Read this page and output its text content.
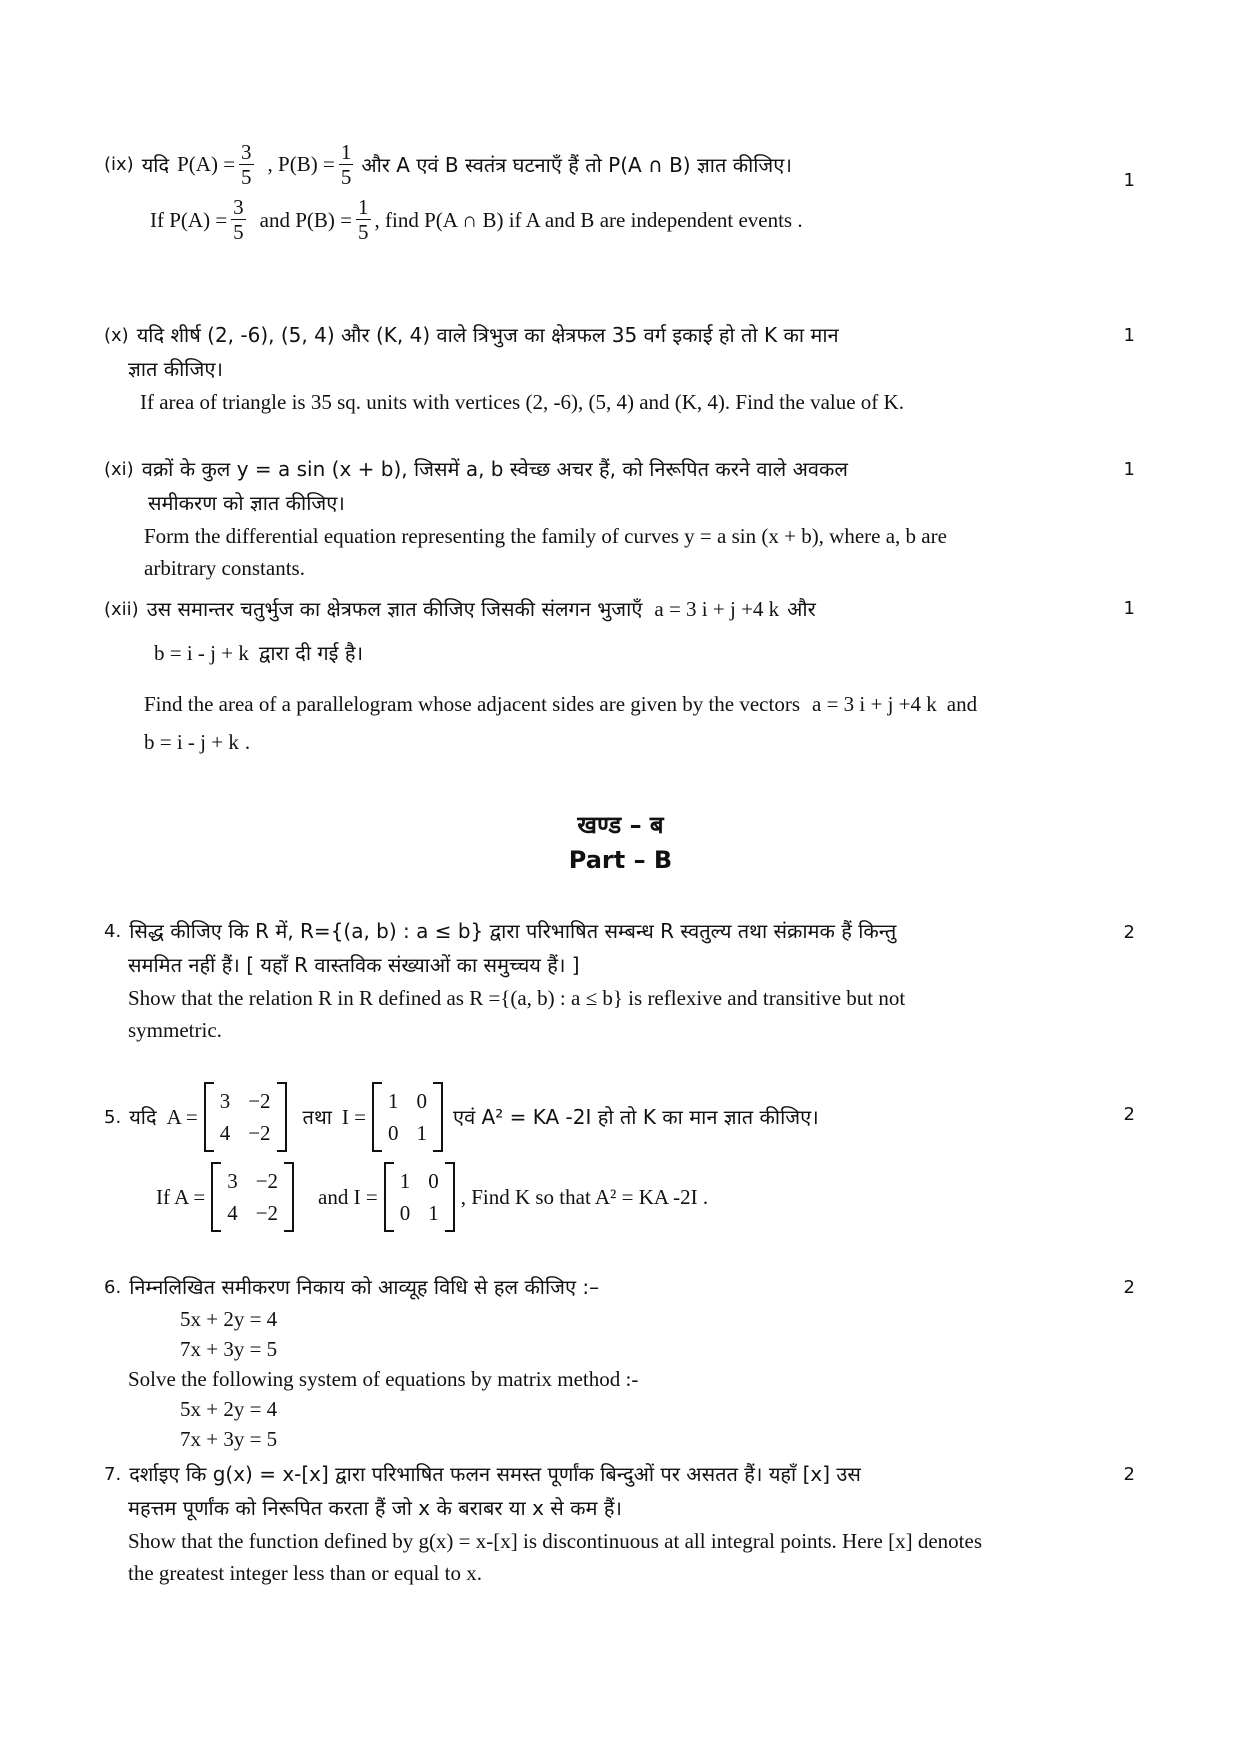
(ix) यदि $P(A) = \frac{3}{5}$ , $P(B) = \frac{1}{5}$ और A एवं B स्वतंत्र घटनाएँ हैं तो P(A ∩ B) ज्ञात कीजिए।
If $P(A) = \frac{3}{5}$ and $P(B) = \frac{1}{5}$ , find P(A ∩ B) if A and B are independent events .
1
(x) यदि शीर्ष (2, -6), (5, 4) और (K, 4) वाले त्रिभुज का क्षेत्रफल 35 वर्ग इकाई हो तो K का मान
ज्ञात कीजिए।
If area of triangle is 35 sq. units with vertices (2, -6), (5, 4) and (K, 4). Find the value of K.
1
(xi) वक्रों के कुल y = a sin (x + b), जिसमें a, b स्वेच्छ अचर हैं, को निरूपित करने वाले अवकल
समीकरण को ज्ञात कीजिए।
Form the differential equation representing the family of curves y = a sin (x + b), where a, b are
arbitrary constants.
1
(xii) उस समान्तर चतुर्भुज का क्षेत्रफल ज्ञात कीजिए जिसकी संलगन भुजाएँ a = 3 i + j +4 k और
b = i - j + k द्वारा दी गई है।
Find the area of a parallelogram whose adjacent sides are given by the vectors a = 3 i + j +4 k and
b = i - j + k .
1
खण्ड – ब
Part – B
4. सिद्ध कीजिए कि R में, R={(a, b) : a ≤ b} द्वारा परिभाषित सम्बन्ध R स्वतुल्य तथा संक्रामक हैं किन्तु
सममित नहीं हैं। [ यहाँ R वास्तविक संख्याओं का समुच्चय हैं। ]
Show that the relation R in R defined as R ={(a, b) : a ≤ b} is reflexive and transitive but not
symmetric.
2
5. यदि A =
3 −2
4 −2
तथा I =
1 0
0 1
एवं A² = KA -2I हो तो K का मान ज्ञात कीजिए।
If A =
3 −2
4 −2
and I =
1 0
0 1
, Find K so that A² = KA -2I .
2
6. निम्नलिखित समीकरण निकाय को आव्यूह विधि से हल कीजिए :–
5x + 2y = 4
7x + 3y = 5
Solve the following system of equations by matrix method :-
5x + 2y = 4
7x + 3y = 5
2
7. दर्शाइए कि g(x) = x-[x] द्वारा परिभाषित फलन समस्त पूर्णांक बिन्दुओं पर असतत हैं। यहाँ [x] उस
महत्तम पूर्णांक को निरूपित करता हैं जो x के बराबर या x से कम हैं।
Show that the function defined by g(x) = x-[x] is discontinuous at all integral points. Here [x] denotes
the greatest integer less than or equal to x.
2
